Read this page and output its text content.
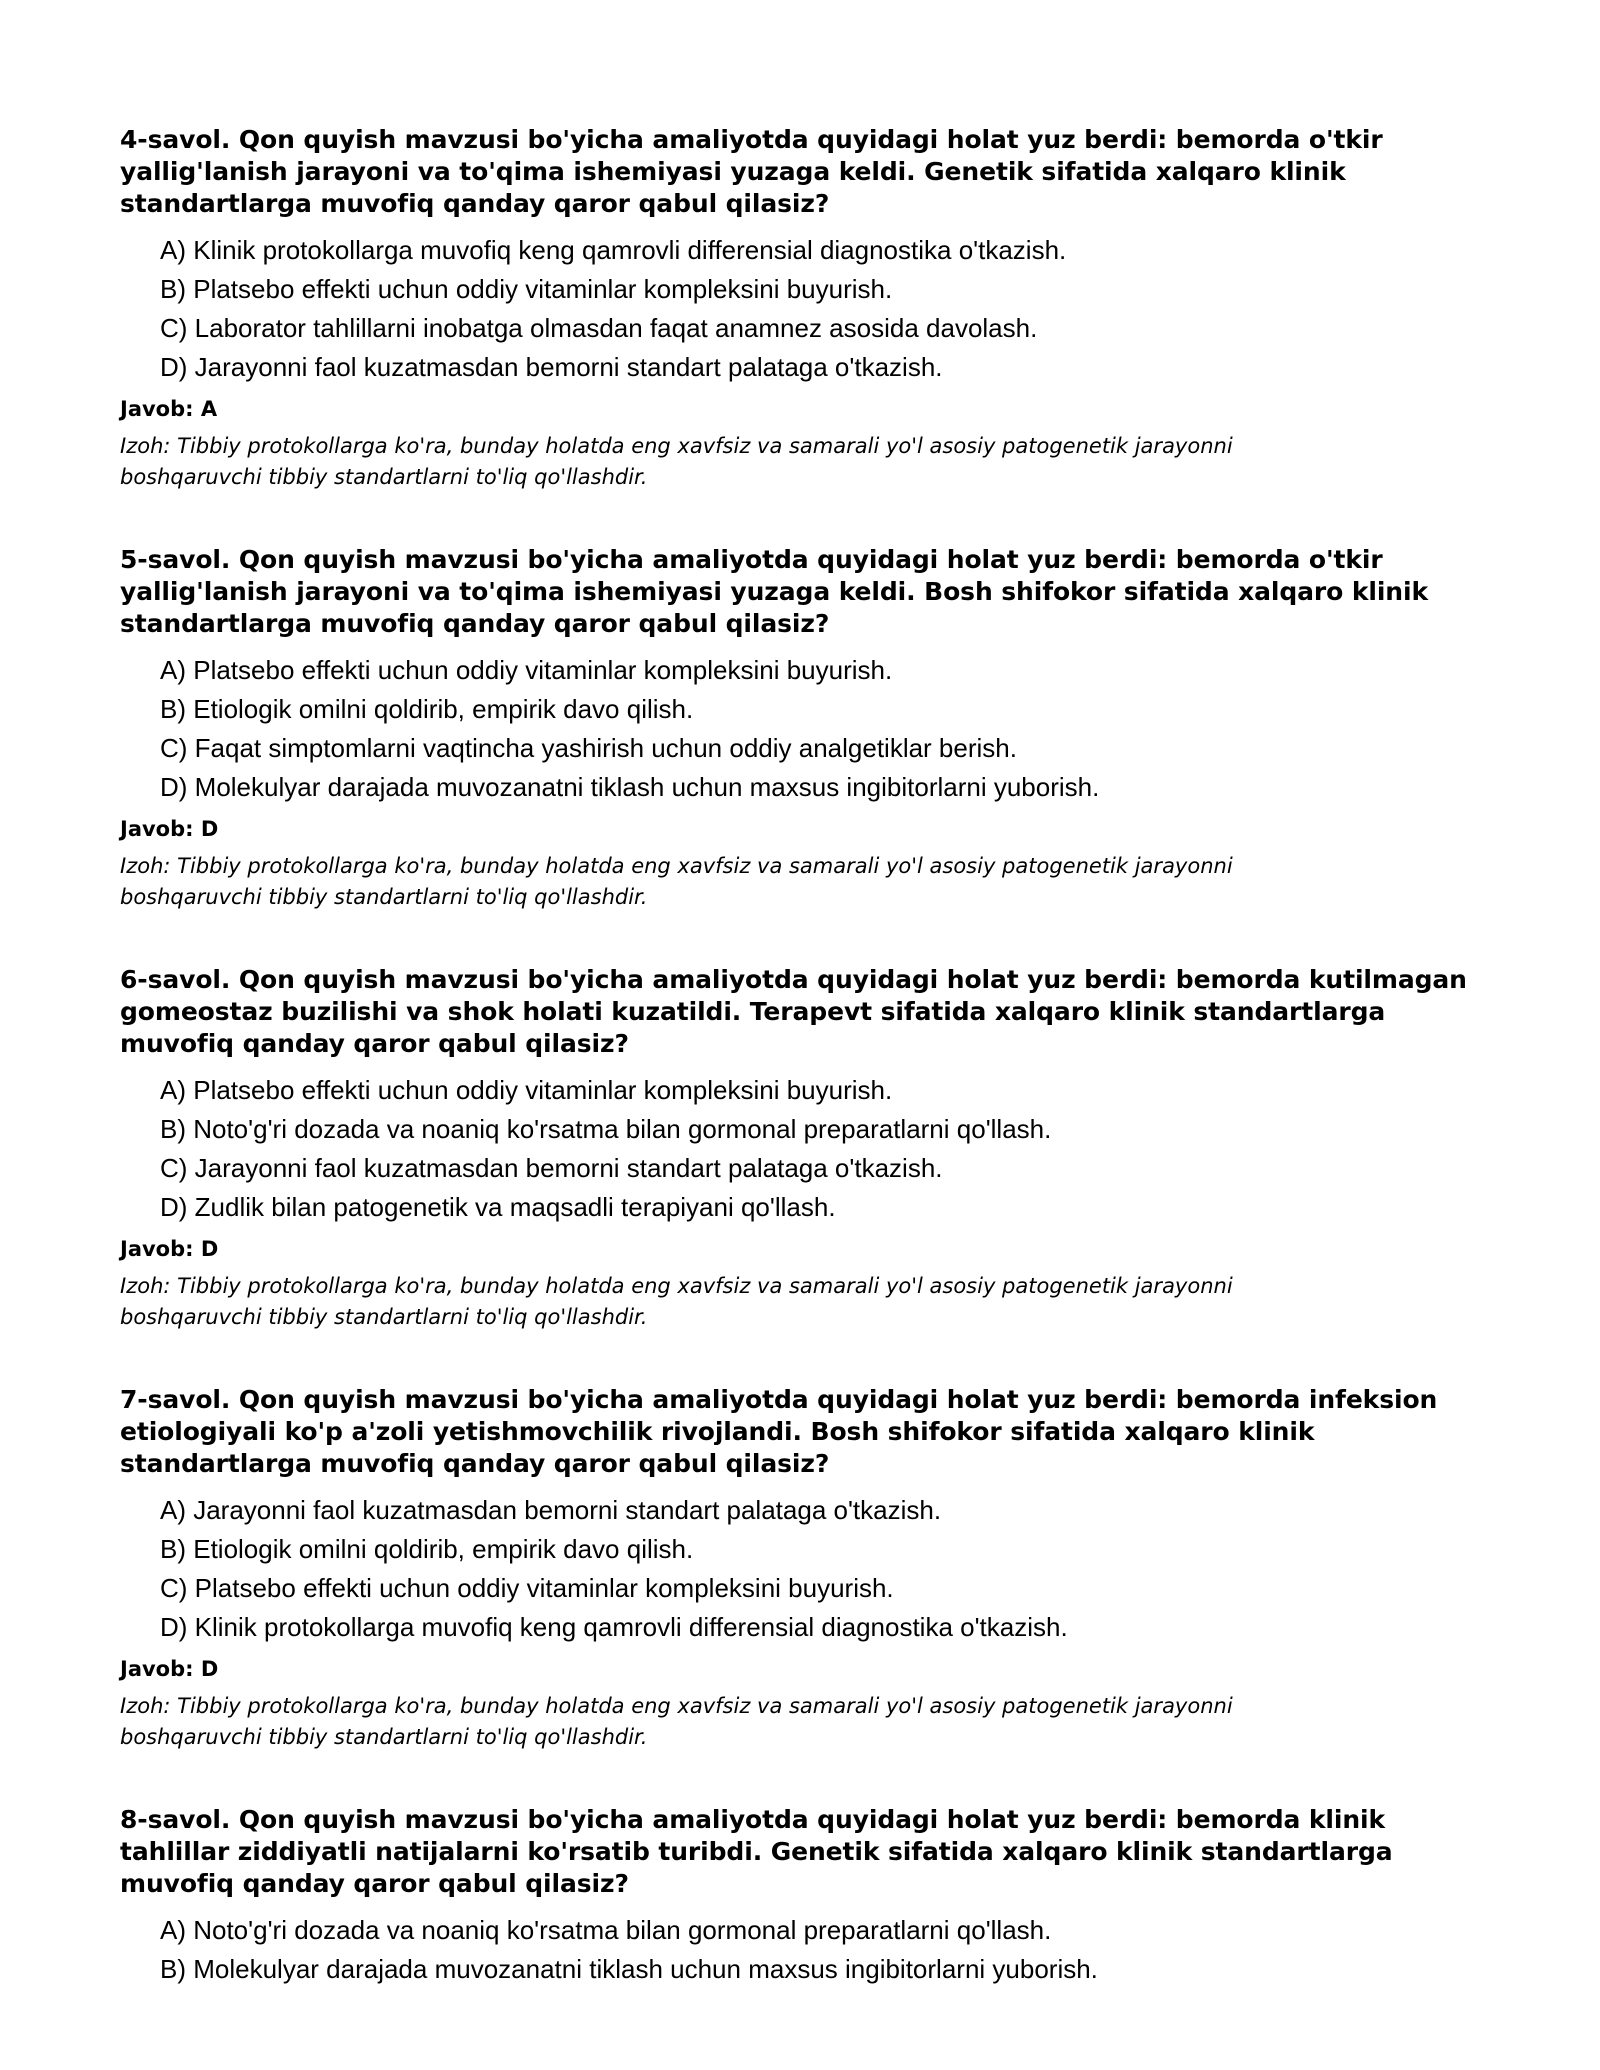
4-savol. Qon quyish mavzusi bo'yicha amaliyotda quyidagi holat yuz berdi: bemorda o'tkir yallig'lanish jarayoni va to'qima ishemiyasi yuzaga keldi. Genetik sifatida xalqaro klinik standartlarga muvofiq qanday qaror qabul qilasiz?

A) Klinik protokollarga muvofiq keng qamrovli differensial diagnostika o'tkazish.
B) Platsebo effekti uchun oddiy vitaminlar kompleksini buyurish.
C) Laborator tahlillarni inobatga olmasdan faqat anamnez asosida davolash.
D) Jarayonni faol kuzatmasdan bemorni standart palataga o'tkazish.

Javob: A

Izoh: Tibbiy protokollarga ko'ra, bunday holatda eng xavfsiz va samarali yo'l asosiy patogenetik jarayonni boshqaruvchi tibbiy standartlarni to'liq qo'llashdir.

5-savol. Qon quyish mavzusi bo'yicha amaliyotda quyidagi holat yuz berdi: bemorda o'tkir yallig'lanish jarayoni va to'qima ishemiyasi yuzaga keldi. Bosh shifokor sifatida xalqaro klinik standartlarga muvofiq qanday qaror qabul qilasiz?

A) Platsebo effekti uchun oddiy vitaminlar kompleksini buyurish.
B) Etiologik omilni qoldirib, empirik davo qilish.
C) Faqat simptomlarni vaqtincha yashirish uchun oddiy analgetiklar berish.
D) Molekulyar darajada muvozanatni tiklash uchun maxsus ingibitorlarni yuborish.

Javob: D

Izoh: Tibbiy protokollarga ko'ra, bunday holatda eng xavfsiz va samarali yo'l asosiy patogenetik jarayonni boshqaruvchi tibbiy standartlarni to'liq qo'llashdir.

6-savol. Qon quyish mavzusi bo'yicha amaliyotda quyidagi holat yuz berdi: bemorda kutilmagan gomeostaz buzilishi va shok holati kuzatildi. Terapevt sifatida xalqaro klinik standartlarga muvofiq qanday qaror qabul qilasiz?

A) Platsebo effekti uchun oddiy vitaminlar kompleksini buyurish.
B) Noto'g'ri dozada va noaniq ko'rsatma bilan gormonal preparatlarni qo'llash.
C) Jarayonni faol kuzatmasdan bemorni standart palataga o'tkazish.
D) Zudlik bilan patogenetik va maqsadli terapiyani qo'llash.

Javob: D

Izoh: Tibbiy protokollarga ko'ra, bunday holatda eng xavfsiz va samarali yo'l asosiy patogenetik jarayonni boshqaruvchi tibbiy standartlarni to'liq qo'llashdir.

7-savol. Qon quyish mavzusi bo'yicha amaliyotda quyidagi holat yuz berdi: bemorda infeksion etiologiyali ko'p a'zoli yetishmovchilik rivojlandi. Bosh shifokor sifatida xalqaro klinik standartlarga muvofiq qanday qaror qabul qilasiz?

A) Jarayonni faol kuzatmasdan bemorni standart palataga o'tkazish.
B) Etiologik omilni qoldirib, empirik davo qilish.
C) Platsebo effekti uchun oddiy vitaminlar kompleksini buyurish.
D) Klinik protokollarga muvofiq keng qamrovli differensial diagnostika o'tkazish.

Javob: D

Izoh: Tibbiy protokollarga ko'ra, bunday holatda eng xavfsiz va samarali yo'l asosiy patogenetik jarayonni boshqaruvchi tibbiy standartlarni to'liq qo'llashdir.

8-savol. Qon quyish mavzusi bo'yicha amaliyotda quyidagi holat yuz berdi: bemorda klinik tahlillar ziddiyatli natijalarni ko'rsatib turibdi. Genetik sifatida xalqaro klinik standartlarga muvofiq qanday qaror qabul qilasiz?

A) Noto'g'ri dozada va noaniq ko'rsatma bilan gormonal preparatlarni qo'llash.
B) Molekulyar darajada muvozanatni tiklash uchun maxsus ingibitorlarni yuborish.
